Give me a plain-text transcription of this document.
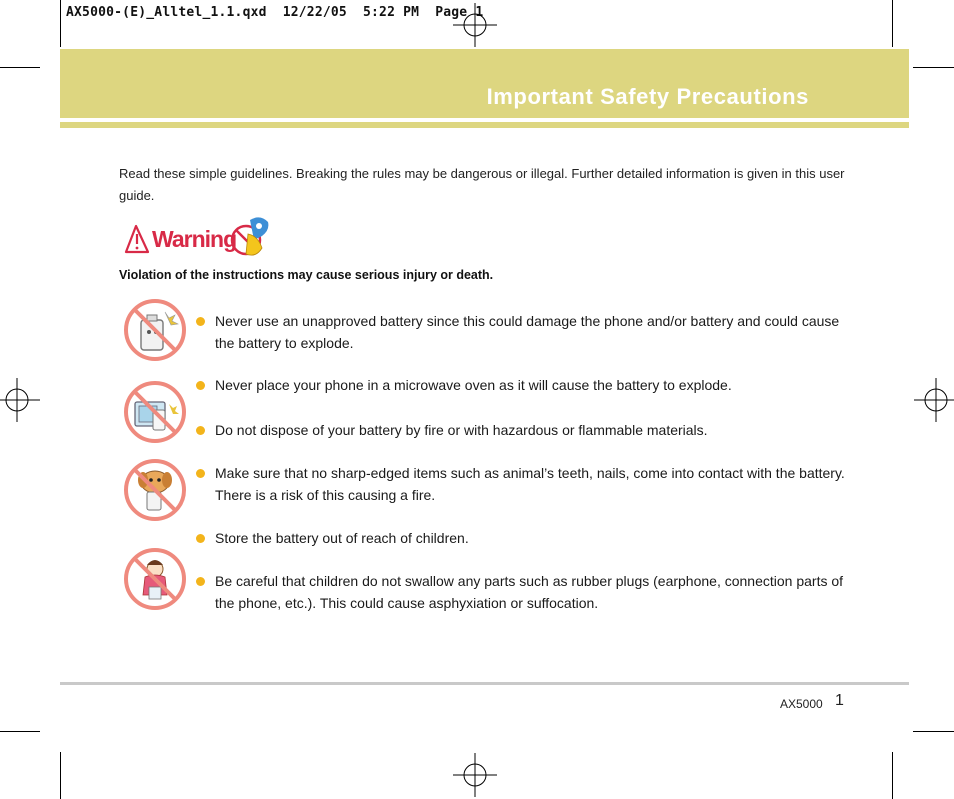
AX5000-(E)_Alltel_1.1.qxd  12/22/05  5:22 PM  Page 1
Important Safety Precautions
Read these simple guidelines. Breaking the rules may be dangerous or illegal. Further detailed information is given in this user guide.
Warning
Violation of the instructions may cause serious injury or death.
Never use an unapproved battery since this could damage the phone and/or battery and could cause the battery to explode.
Never place your phone in a microwave oven as it will cause the battery to explode.
Do not dispose of your battery by fire or with hazardous or flammable materials.
Make sure that no sharp-edged items such as animal’s teeth, nails, come into contact with the battery. There is a risk of this causing a fire.
Store the battery out of reach of children.
Be careful that children do not swallow any parts such as rubber plugs (earphone, connection parts of the phone, etc.). This could cause asphyxiation or suffocation.
AX5000 1
